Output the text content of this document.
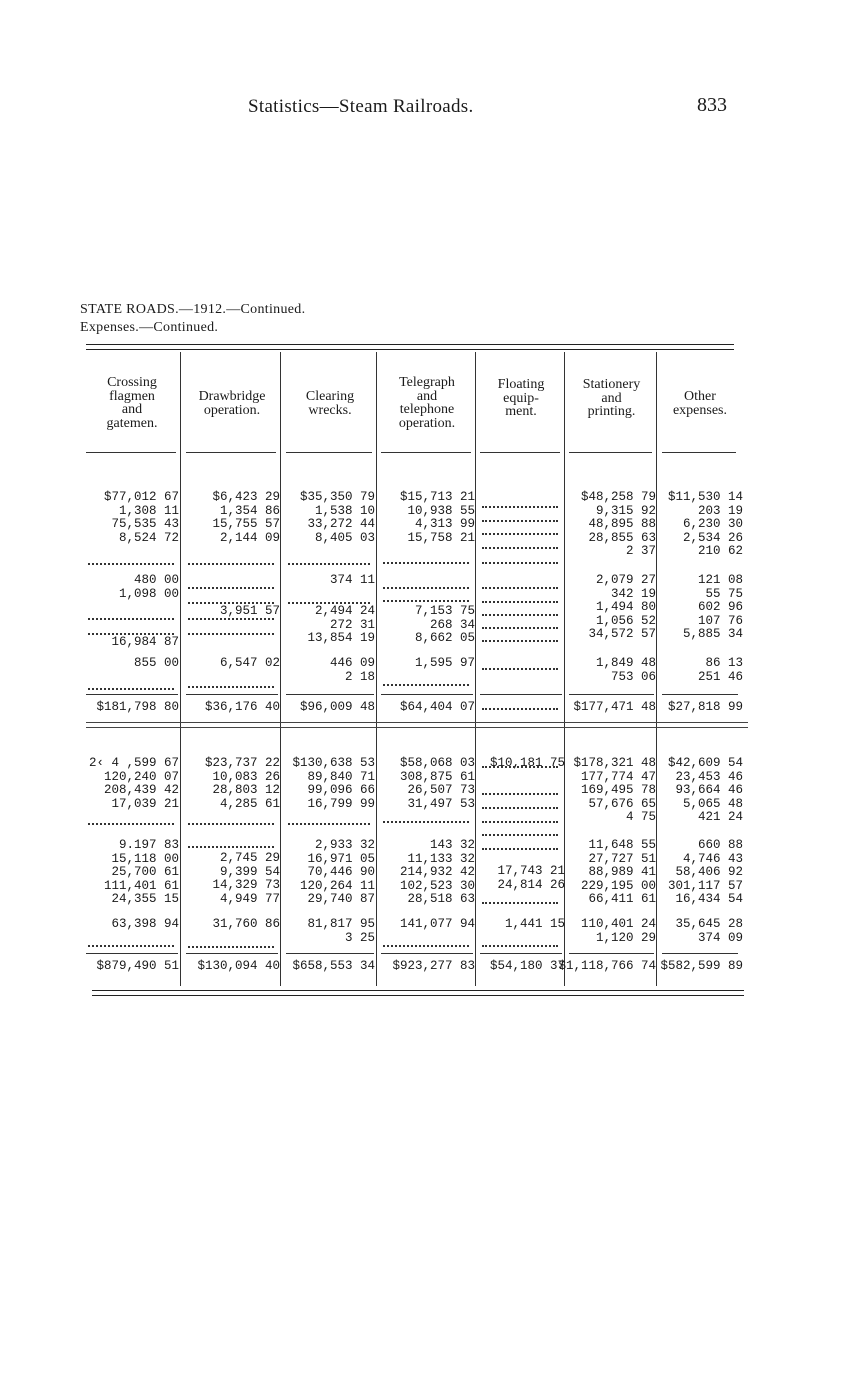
Statistics—Steam Railroads.	833
STATE ROADS.—1912.—Continued.
Expenses.—Continued.
Crossing
flagmen
and
gatemen.
Drawbridge
operation.
Clearing
wrecks.
Telegraph
and
telephone
operation.
Floating
equip-
ment.
Stationery
and
printing.
Other
expenses.
$77,012 67
1,308 11
75,535 43
8,524 72
480 00
1,098 00
16,984 87
855 00
$6,423 29
1,354 86
15,755 57
2,144 09
3,951 57
6,547 02
$35,350 79
1,538 10
33,272 44
8,405 03
374 11
2,494 24
272 31
13,854 19
446 09
2 18
$15,713 21
10,938 55
4,313 99
15,758 21
7,153 75
268 34
8,662 05
1,595 97
$48,258 79
9,315 92
48,895 88
28,855 63
2 37
2,079 27
342 19
1,494 80
1,056 52
34,572 57
1,849 48
753 06
$11,530 14
203 19
6,230 30
2,534 26
210 62
121 08
55 75
602 96
107 76
5,885 34
86 13
251 46
$181,798 80 $36,176 40 $96,009 48 $64,404 07	$177,471 48 $27,818 99
2‹ 4 ,599 67
120,240 07
208,439 42
17,039 21
9.197 83
15,118 00
25,700 61
111,401 61
24,355 15
63,398 94
$23,737 22
10,083 26
28,803 12
4,285 61
2,745 29
9,399 54
14,329 73
4,949 77
31,760 86
$130,638 53
89,840 71
99,096 66
16,799 99
2,933 32
16,971 05
70,446 90
120,264 11
29,740 87
81,817 95
3 25
$58,068 03
308,875 61
26,507 73
31,497 53
143 32
11,133 32
214,932 42
102,523 30
28,518 63
141,077 94
$10,181 75
17,743 21
24,814 26
1,441 15
$178,321 48
177,774 47
169,495 78
57,676 65
4 75
11,648 55
27,727 51
88,989 41
229,195 00
66,411 61
110,401 24
1,120 29
$42,609 54
23,453 46
93,664 46
5,065 48
421 24
660 88
4,746 43
58,406 92
301,117 57
16,434 54
35,645 28
374 09
$879,490 51 $130,094 40 $658,553 34 $923,277 83 $54,180 37
$1,118,766 74 $582,599 89
